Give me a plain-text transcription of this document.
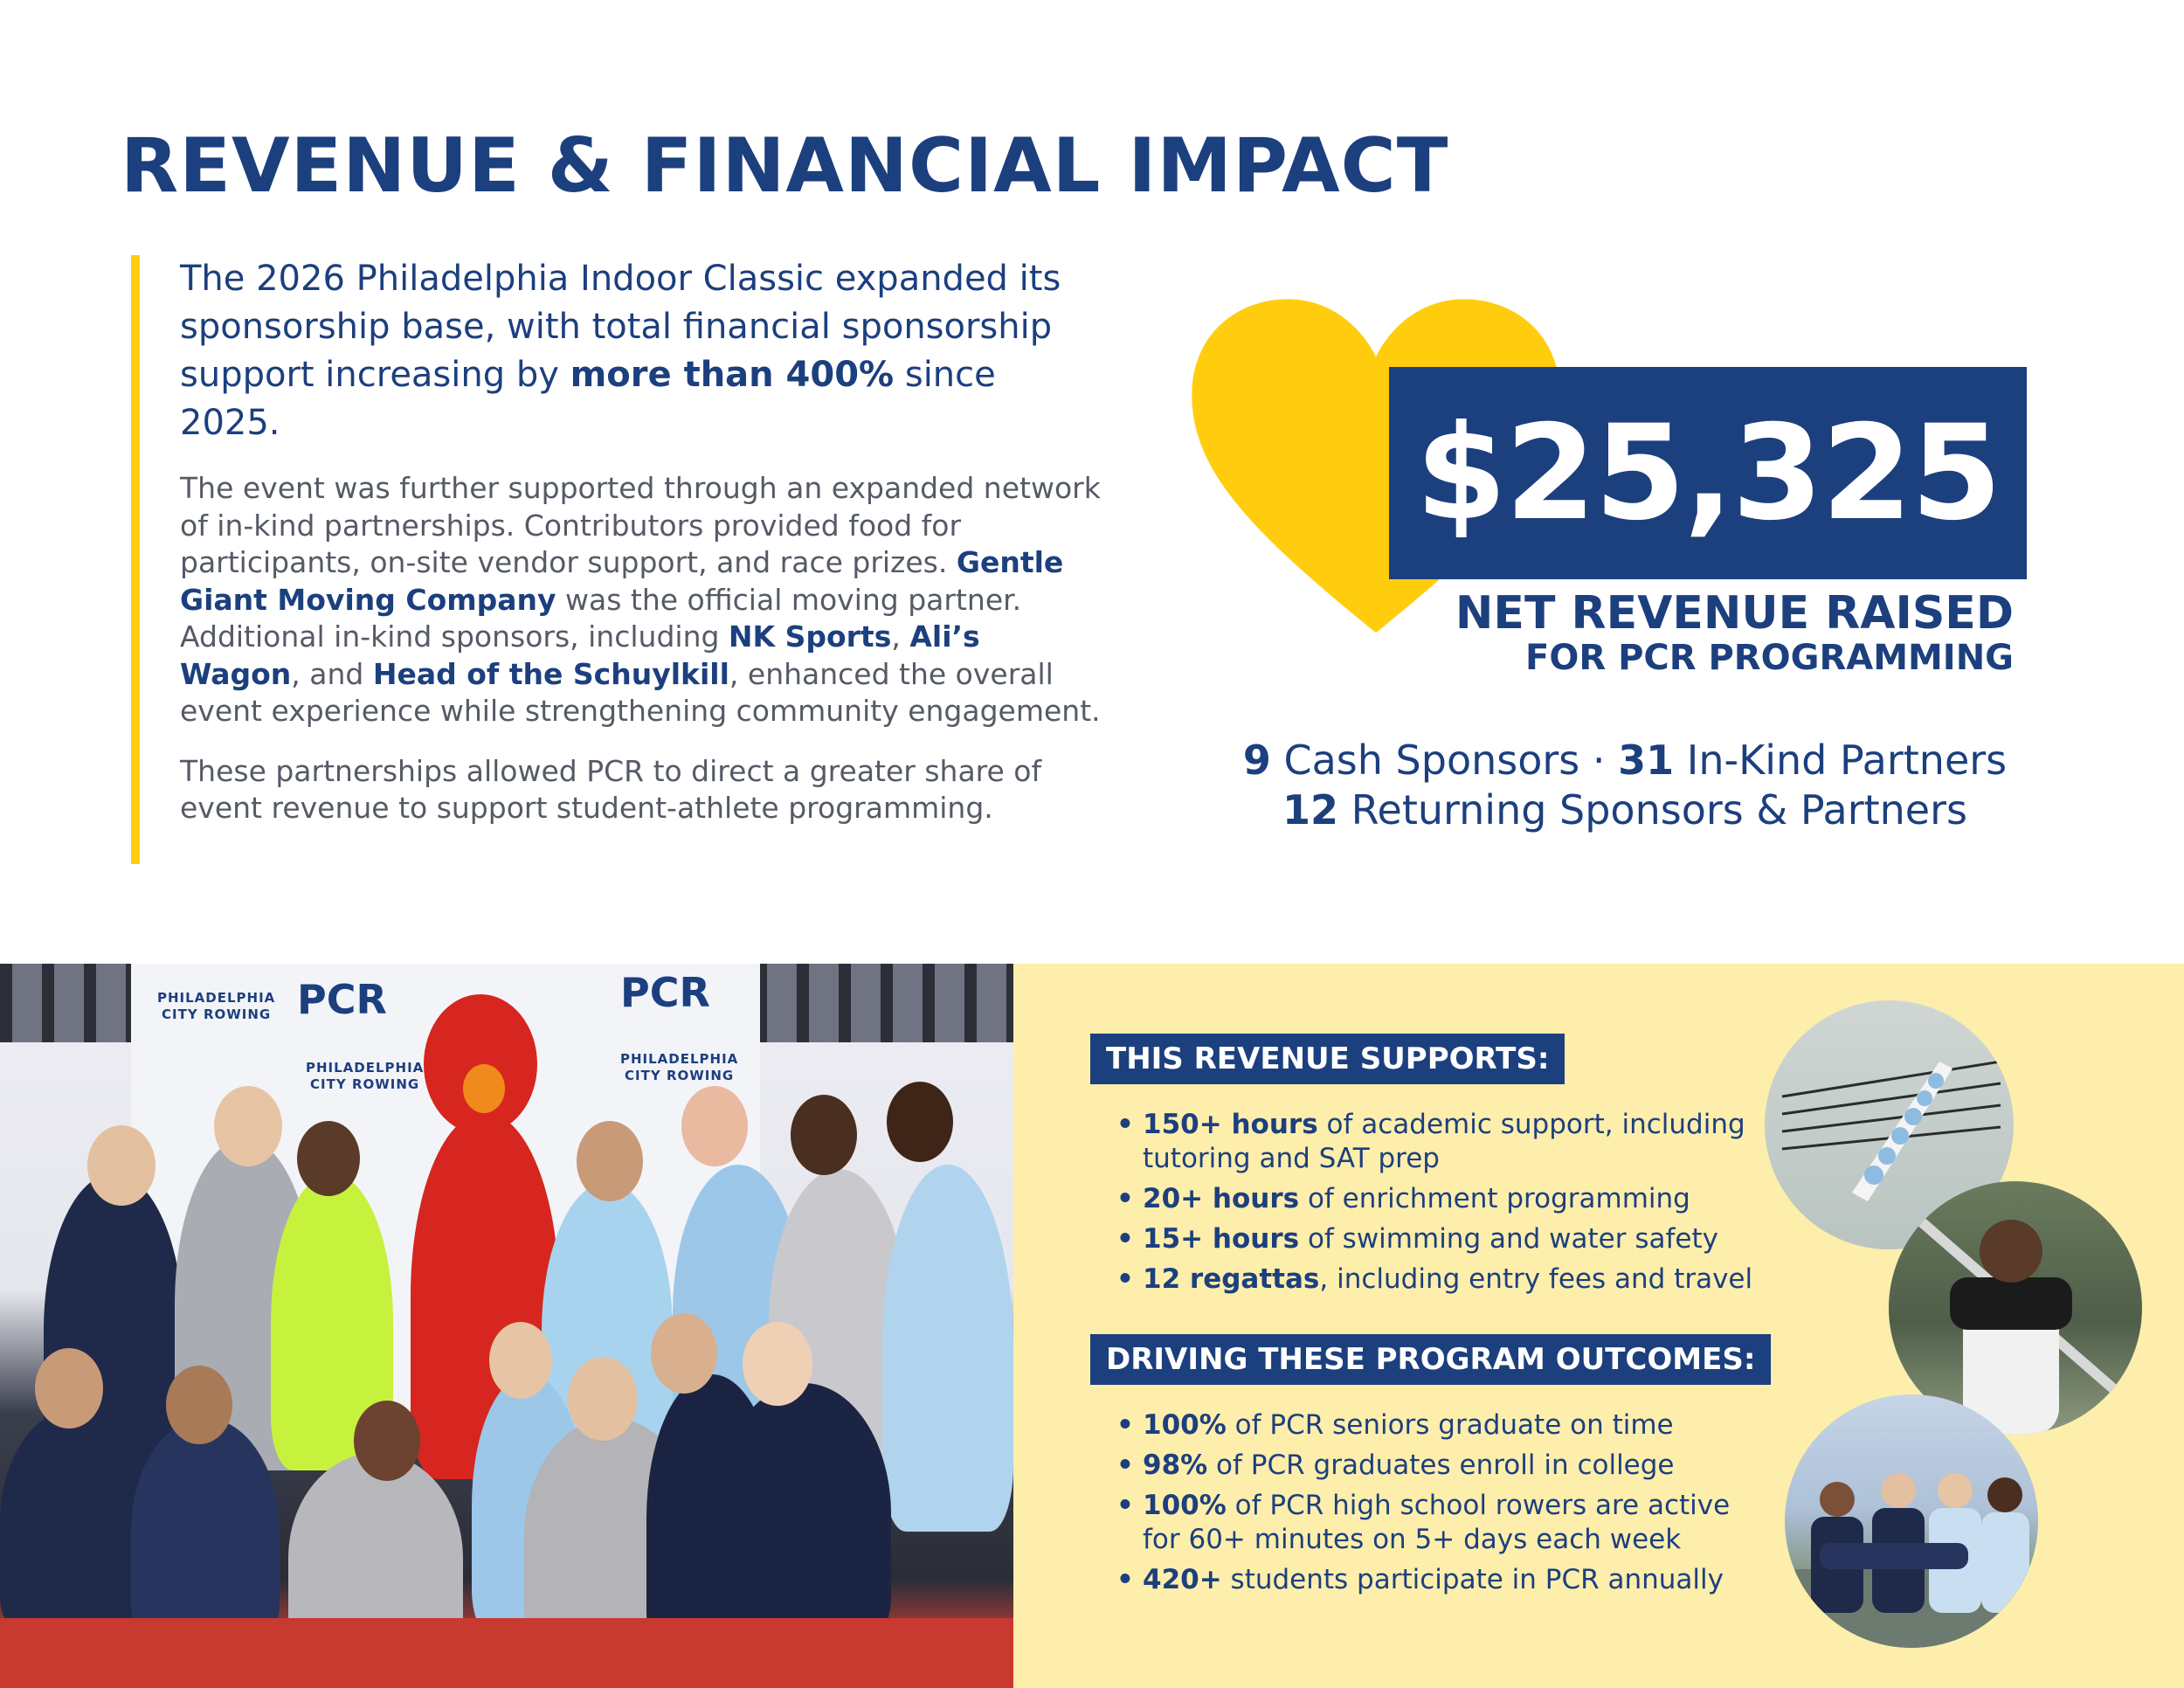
REVENUE & FINANCIAL IMPACT

The 2026 Philadelphia Indoor Classic expanded its sponsorship base, with total financial sponsorship support increasing by more than 400% since 2025.

The event was further supported through an expanded network of in-kind partnerships. Contributors provided food for participants, on-site vendor support, and race prizes. Gentle Giant Moving Company was the official moving partner. Additional in-kind sponsors, including NK Sports, Ali’s Wagon, and Head of the Schuylkill, enhanced the overall event experience while strengthening community engagement.

These partnerships allowed PCR to direct a greater share of event revenue to support student-athlete programming.

$25,325
NET REVENUE RAISED
FOR PCR PROGRAMMING
9 Cash Sponsors · 31 In-Kind Partners
12 Returning Sponsors & Partners
PCR	PCR
PHILADELPHIA
CITY ROWING
PHILADELPHIA
CITY ROWING
PHILADELPHIA
CITY ROWING	THIS REVENUE SUPPORTS:
• 150+ hours of academic support, including tutoring and SAT prep
• 20+ hours of enrichment programming
• 15+ hours of swimming and water safety
• 12 regattas, including entry fees and travel
DRIVING THESE PROGRAM OUTCOMES:
• 100% of PCR seniors graduate on time
• 98% of PCR graduates enroll in college
• 100% of PCR high school rowers are active for 60+ minutes on 5+ days each week
• 420+ students participate in PCR annually
